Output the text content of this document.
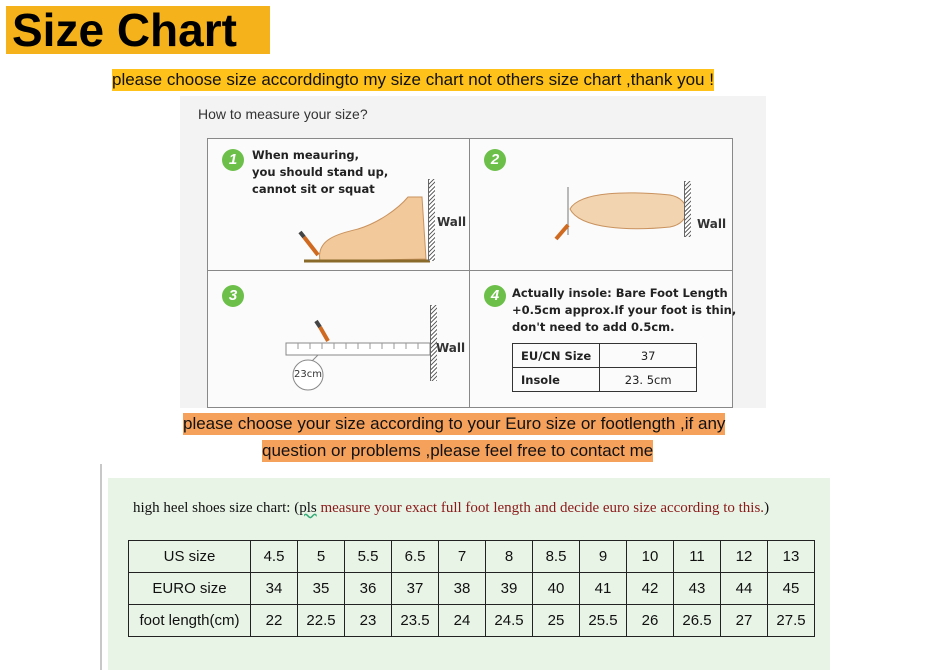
Size Chart
please choose size accorddingto my size chart not others size chart ,thank you !
How to measure your size?
1	When meauring,
you should stand up,
cannot sit or squat
Wall
2
Wall
3
23cm
Wall
4	Actually insole: Bare Foot Length
+0.5cm approx.If your foot is thin,
don't need to add 0.5cm.
EU/CN Size	37
Insole	23. 5cm
please choose your size according to your Euro size or footlength ,if any
question or problems ,please feel free to contact me
high heel shoes size chart: (pls measure your exact full foot length and decide euro size according to this.)
US size	4.5	5	5.5	6.5	7	8	8.5	9	10	11	12	13
EURO size	34	35	36	37	38	39	40	41	42	43	44	45
foot length(cm)	22	22.5	23	23.5	24	24.5	25	25.5	26	26.5	27	27.5
